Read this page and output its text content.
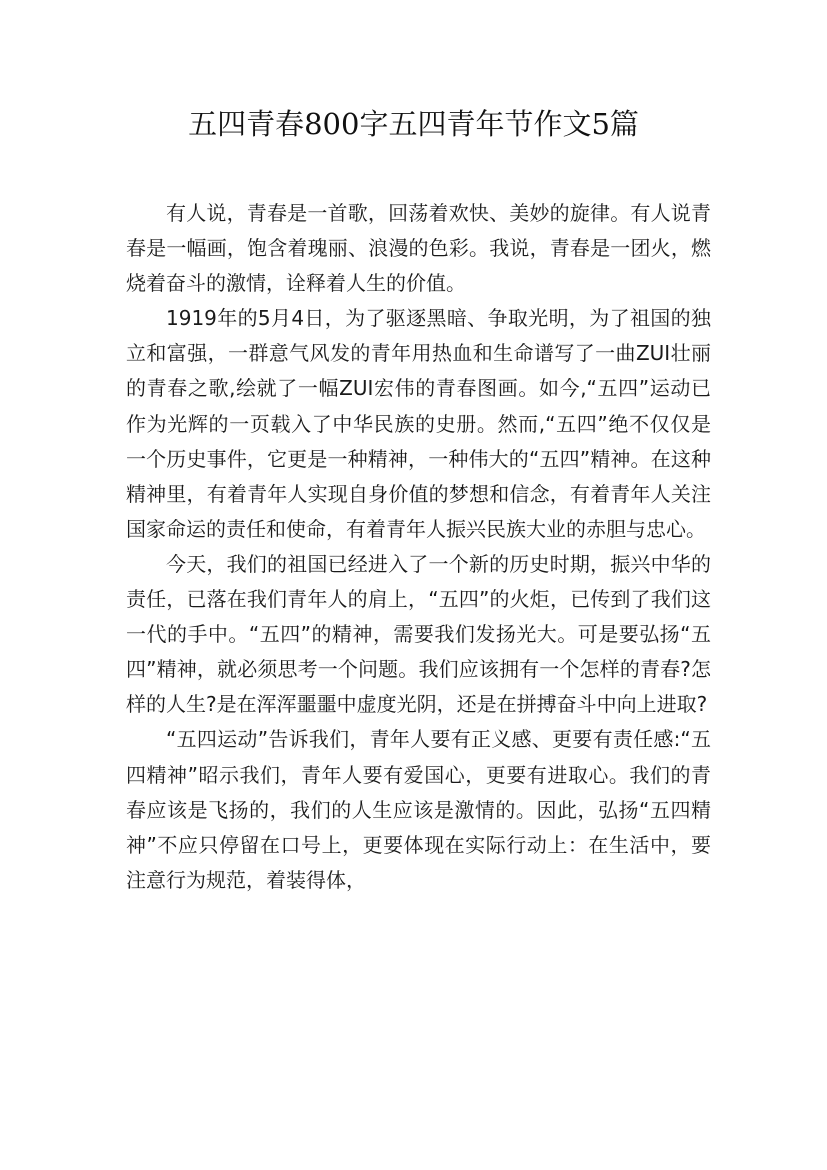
五四青春800字五四青年节作文5篇

有人说，青春是一首歌，回荡着欢快、美妙的旋律。有人说青春是一幅画，饱含着瑰丽、浪漫的色彩。我说，青春是一团火，燃烧着奋斗的激情，诠释着人生的价值。

1919年的5月4日，为了驱逐黑暗、争取光明，为了祖国的独立和富强，一群意气风发的青年用热血和生命谱写了一曲ZUI壮丽的青春之歌,绘就了一幅ZUI宏伟的青春图画。如今,“五四”运动已作为光辉的一页载入了中华民族的史册。然而,“五四”绝不仅仅是一个历史事件，它更是一种精神，一种伟大的“五四”精神。在这种精神里，有着青年人实现自身价值的梦想和信念，有着青年人关注国家命运的责任和使命，有着青年人振兴民族大业的赤胆与忠心。

今天，我们的祖国已经进入了一个新的历史时期，振兴中华的责任，已落在我们青年人的肩上，“五四”的火炬，已传到了我们这一代的手中。“五四”的精神，需要我们发扬光大。可是要弘扬“五四”精神，就必须思考一个问题。我们应该拥有一个怎样的青春?怎样的人生?是在浑浑噩噩中虚度光阴，还是在拼搏奋斗中向上进取?

“五四运动”告诉我们，青年人要有正义感、更要有责任感:“五四精神”昭示我们，青年人要有爱国心，更要有进取心。我们的青春应该是飞扬的，我们的人生应该是激情的。因此，弘扬“五四精神”不应只停留在口号上，更要体现在实际行动上：在生活中，要注意行为规范，着装得体，
